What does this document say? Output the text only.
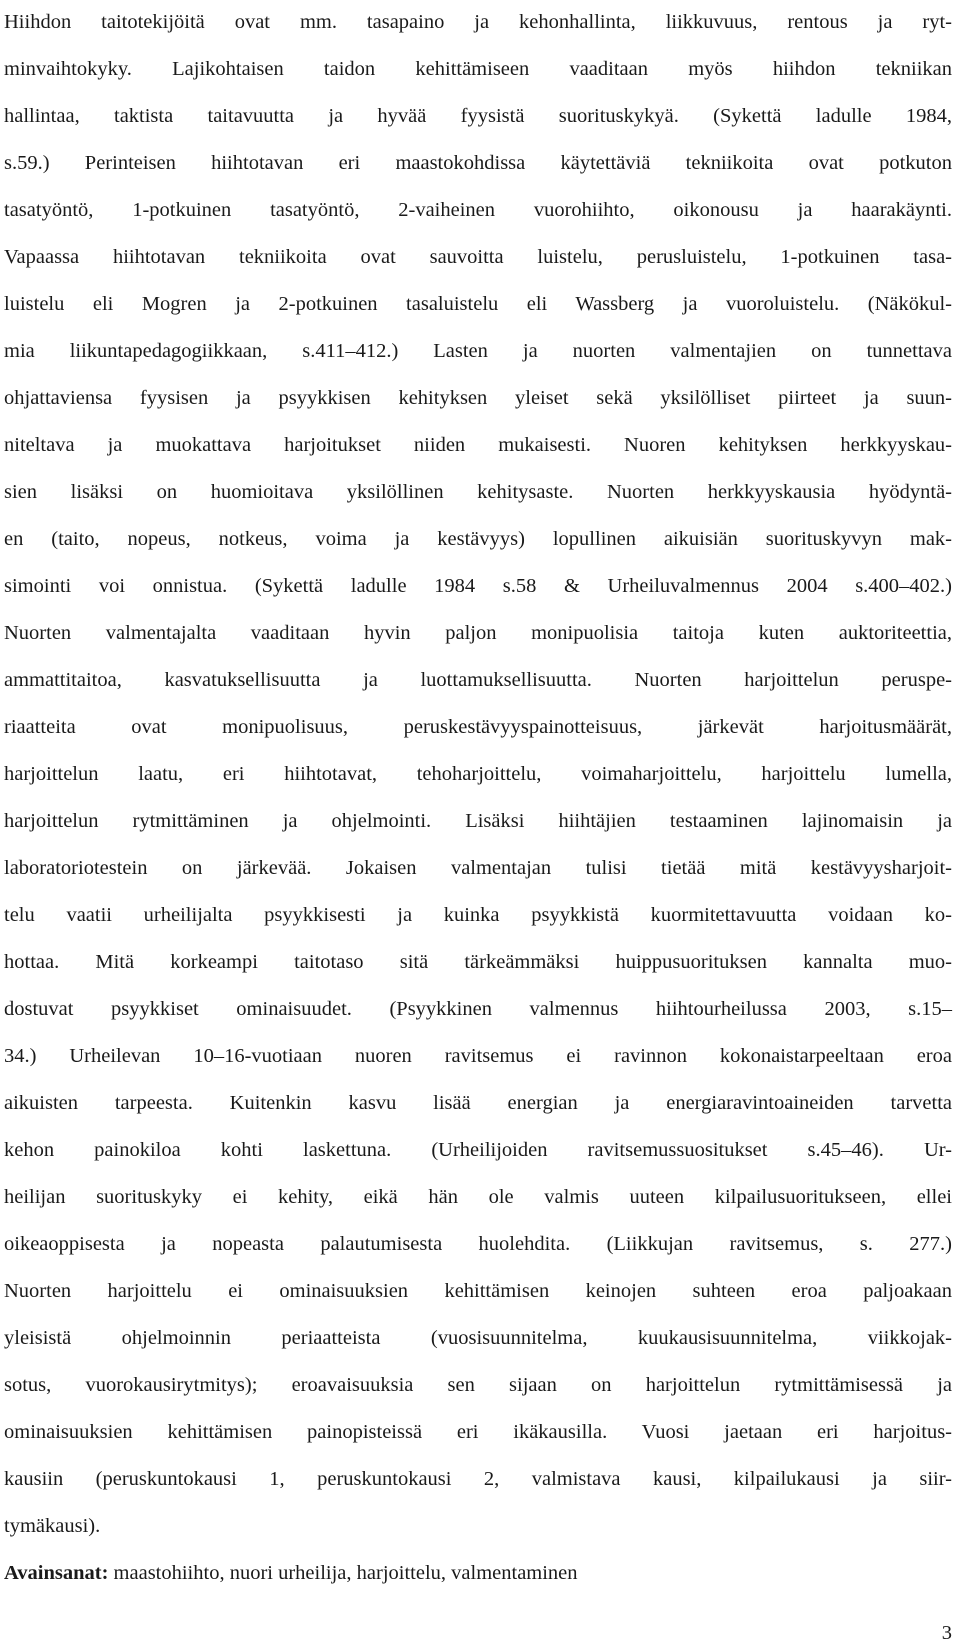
Hiihdon taitotekijöitä ovat mm. tasapaino ja kehonhallinta, liikkuvuus, rentous ja ryt-
minvaihtokyky. Lajikohtaisen taidon kehittämiseen vaaditaan myös hiihdon tekniikan
hallintaa, taktista taitavuutta ja hyvää fyysistä suorituskykyä. (Sykettä ladulle 1984,
s.59.) Perinteisen hiihtotavan eri maastokohdissa käytettäviä tekniikoita ovat potkuton
tasatyöntö, 1-potkuinen tasatyöntö, 2-vaiheinen vuorohiihto, oikonousu ja haarakäynti.
Vapaassa hiihtotavan tekniikoita ovat sauvoitta luistelu, perusluistelu, 1-potkuinen tasa-
luistelu eli Mogren ja 2-potkuinen tasaluistelu eli Wassberg ja vuoroluistelu. (Näkökul-
mia liikuntapedagogiikkaan, s.411–412.) Lasten ja nuorten valmentajien on tunnettava
ohjattaviensa fyysisen ja psyykkisen kehityksen yleiset sekä yksilölliset piirteet ja suun-
niteltava ja muokattava harjoitukset niiden mukaisesti. Nuoren kehityksen herkkyyskau-
sien lisäksi on huomioitava yksilöllinen kehitysaste. Nuorten herkkyyskausia hyödyntä-
en (taito, nopeus, notkeus, voima ja kestävyys) lopullinen aikuisiän suorituskyvyn mak-
simointi voi onnistua. (Sykettä ladulle 1984 s.58 & Urheiluvalmennus 2004 s.400–402.)
Nuorten valmentajalta vaaditaan hyvin paljon monipuolisia taitoja kuten auktoriteettia,
ammattitaitoa, kasvatuksellisuutta ja luottamuksellisuutta. Nuorten harjoittelun peruspe-
riaatteita ovat monipuolisuus, peruskestävyyspainotteisuus, järkevät harjoitusmäärät,
harjoittelun laatu, eri hiihtotavat, tehoharjoittelu, voimaharjoittelu, harjoittelu lumella,
harjoittelun rytmittäminen ja ohjelmointi. Lisäksi hiihtäjien testaaminen lajinomaisin ja
laboratoriotestein on järkevää. Jokaisen valmentajan tulisi tietää mitä kestävyysharjoit-
telu vaatii urheilijalta psyykkisesti ja kuinka psyykkistä kuormitettavuutta voidaan ko-
hottaa. Mitä korkeampi taitotaso sitä tärkeämmäksi huippusuorituksen kannalta muo-
dostuvat psyykkiset ominaisuudet. (Psyykkinen valmennus hiihtourheilussa 2003, s.15–
34.) Urheilevan 10–16-vuotiaan nuoren ravitsemus ei ravinnon kokonaistarpeeltaan eroa
aikuisten tarpeesta. Kuitenkin kasvu lisää energian ja energiaravintoaineiden tarvetta
kehon painokiloa kohti laskettuna. (Urheilijoiden ravitsemussuositukset s.45–46). Ur-
heilijan suorituskyky ei kehity, eikä hän ole valmis uuteen kilpailusuoritukseen, ellei
oikeaoppisesta ja nopeasta palautumisesta huolehdita. (Liikkujan ravitsemus, s. 277.)
Nuorten harjoittelu ei ominaisuuksien kehittämisen keinojen suhteen eroa paljoakaan
yleisistä ohjelmoinnin periaatteista (vuosisuunnitelma, kuukausisuunnitelma, viikkojak-
sotus, vuorokausirytmitys); eroavaisuuksia sen sijaan on harjoittelun rytmittämisessä ja
ominaisuuksien kehittämisen painopisteissä eri ikäkausilla. Vuosi jaetaan eri harjoitus-
kausiin (peruskuntokausi 1, peruskuntokausi 2, valmistava kausi, kilpailukausi ja siir-
tymäkausi).
Avainsanat: maastohiihto, nuori urheilija, harjoittelu, valmentaminen
3
